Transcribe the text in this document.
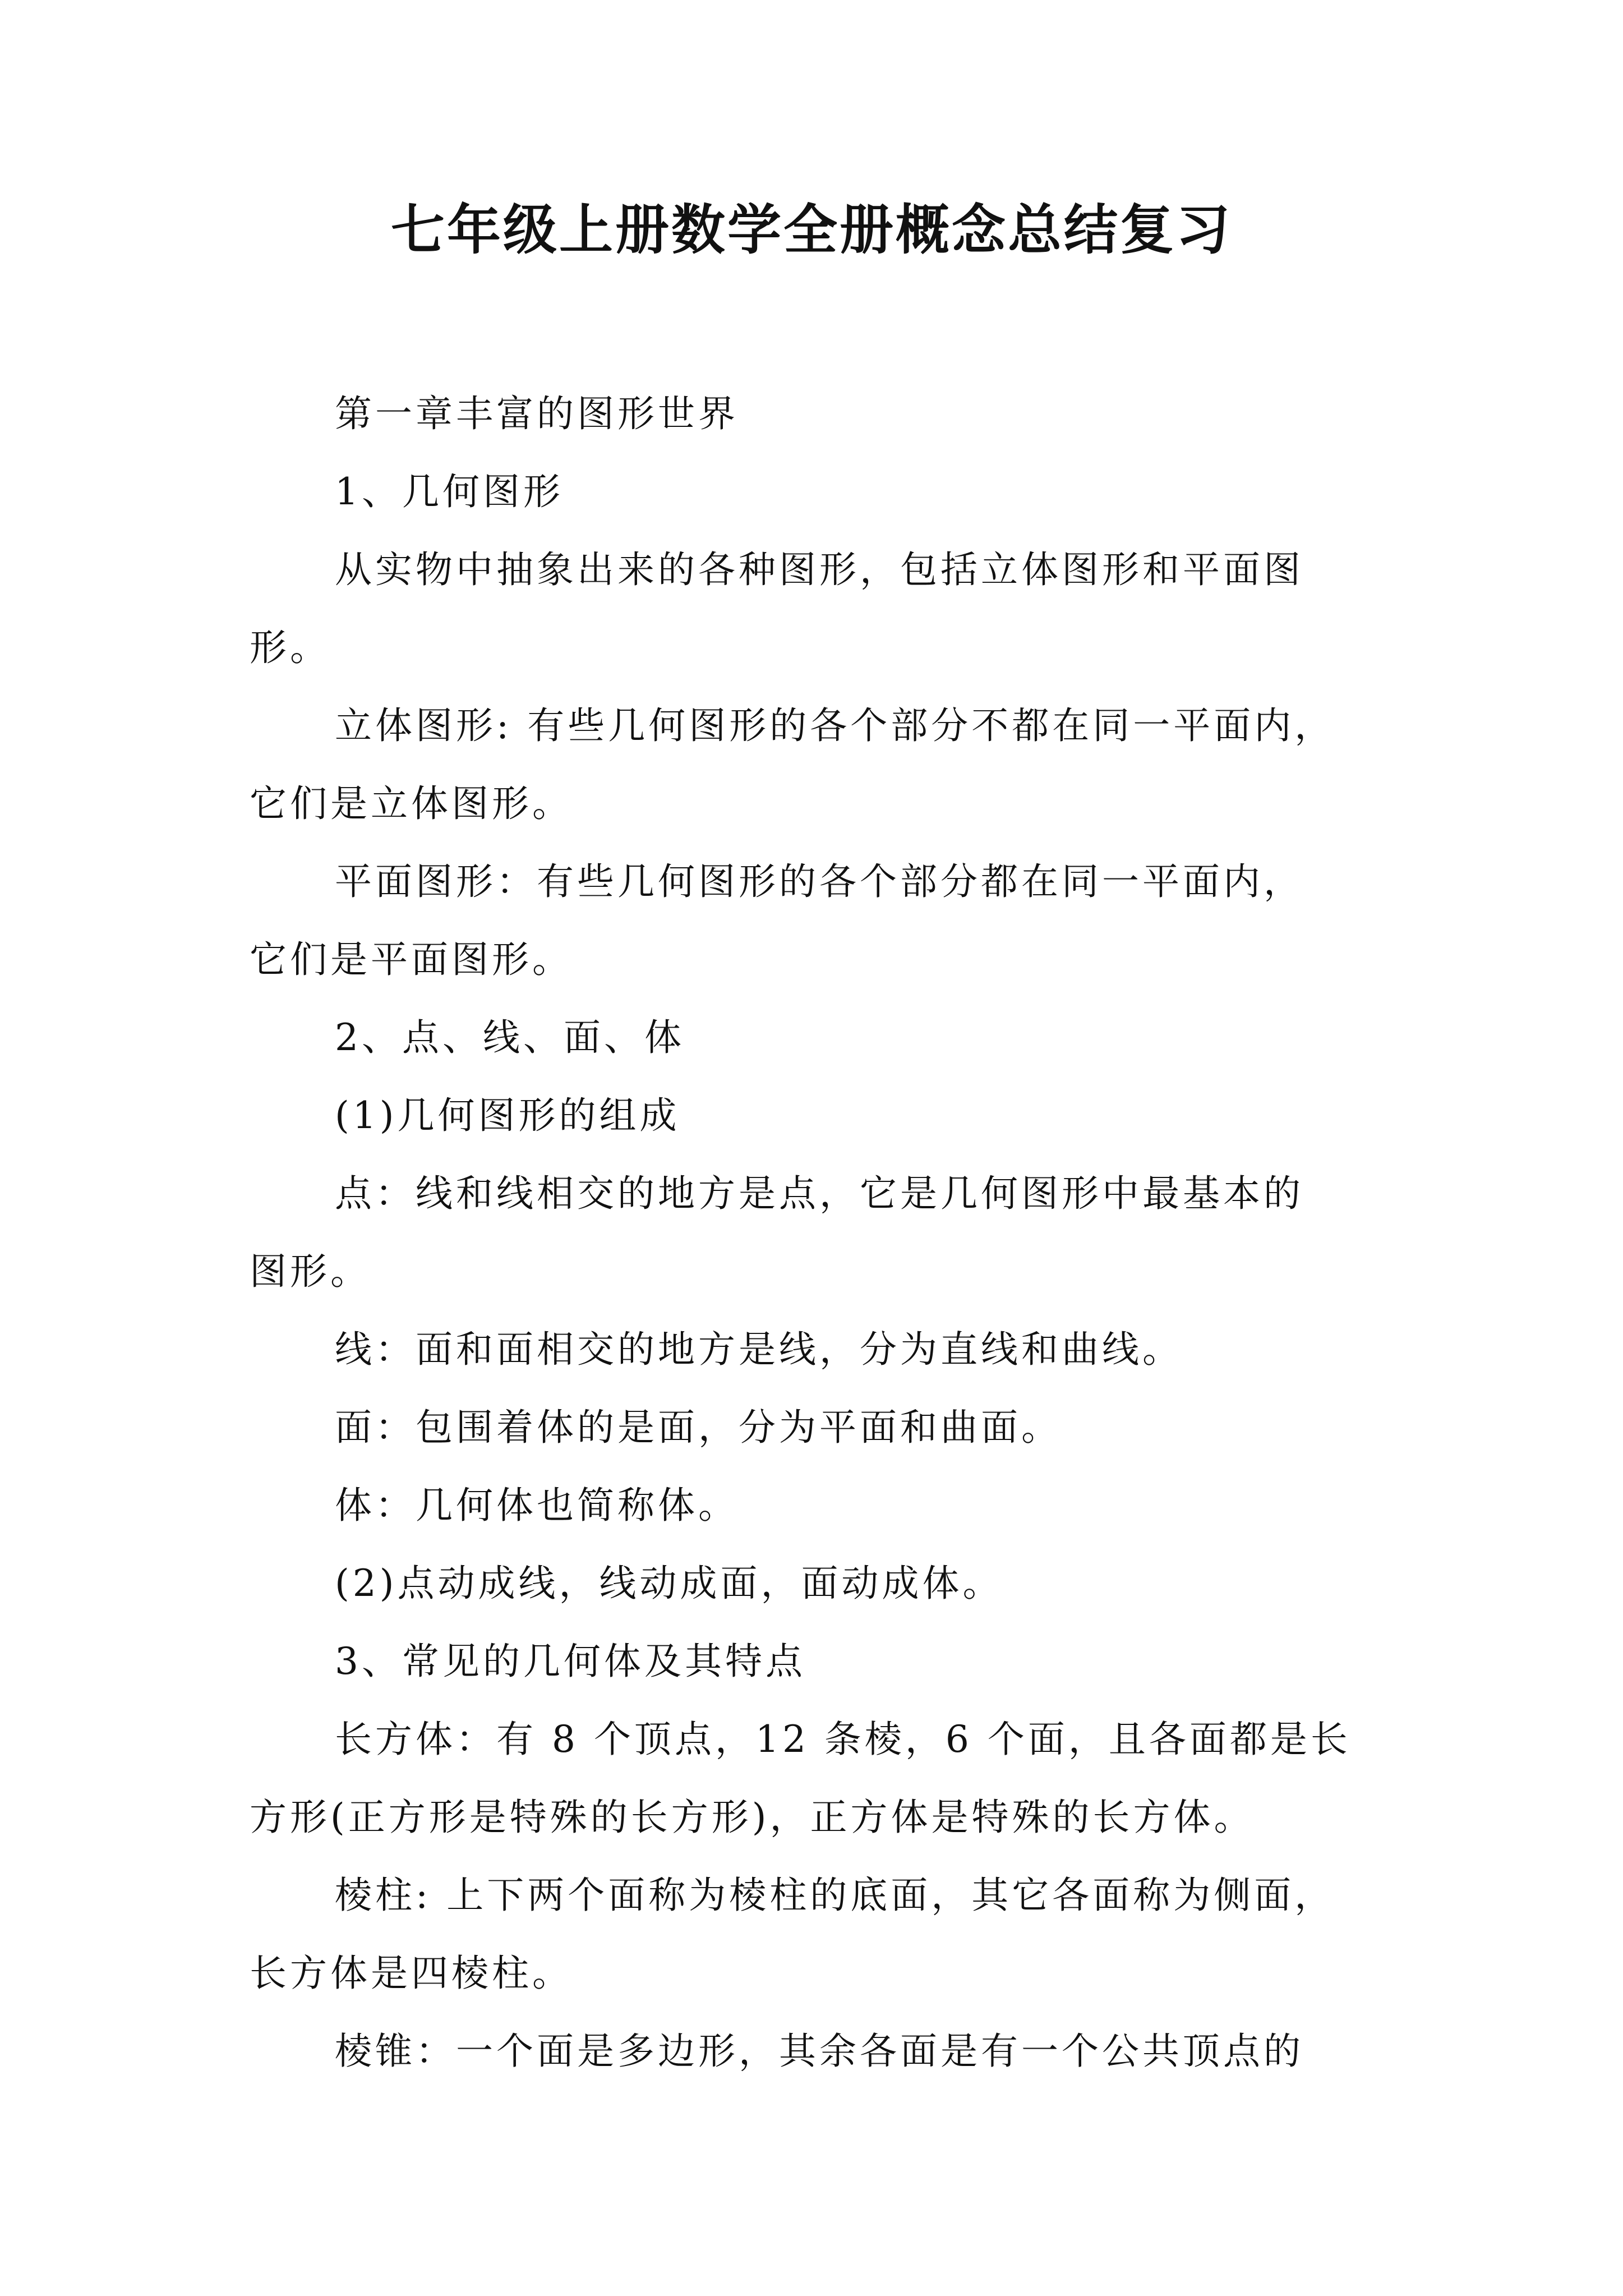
七年级上册数学全册概念总结复习

第一章丰富的图形世界

1、几何图形

从实物中抽象出来的各种图形，包括立体图形和平面图
形。

立体图形: 有些几何图形的各个部分不都在同一平面内，
它们是立体图形。

平面图形：有些几何图形的各个部分都在同一平面内，
它们是平面图形。

2、点、线、面、体

(1)几何图形的组成

点：线和线相交的地方是点，它是几何图形中最基本的
图形。

线：面和面相交的地方是线，分为直线和曲线。

面：包围着体的是面，分为平面和曲面。

体：几何体也简称体。

(2)点动成线，线动成面，面动成体。

3、常见的几何体及其特点

长方体：有 8 个顶点，12 条棱，6 个面，且各面都是长
方形(正方形是特殊的长方形)，正方体是特殊的长方体。

棱柱: 上下两个面称为棱柱的底面，其它各面称为侧面，
长方体是四棱柱。

棱锥：一个面是多边形，其余各面是有一个公共顶点的
